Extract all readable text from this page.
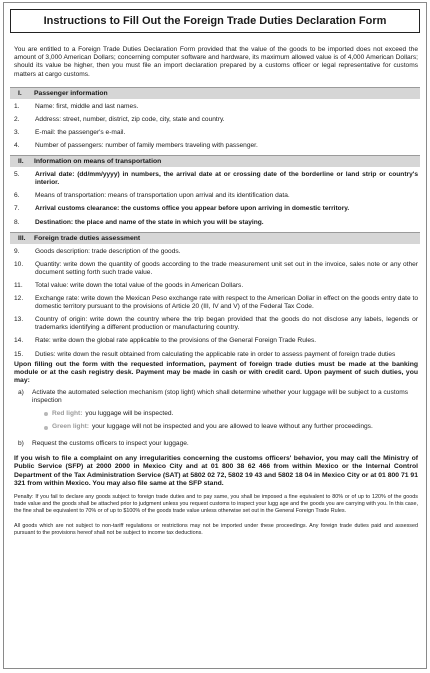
Instructions to Fill Out the Foreign Trade Duties Declaration Form
You are entitled to a Foreign Trade Duties Declaration Form provided that the value of the goods to be imported does not exceed the amount of 3,000 American Dollars; concerning computer software and hardware, its maximum allowed value is of 4,000 American Dollars; should its value be higher, then you must file an import declaration prepared by a customs officer or legal representative for customs matters at cargo customs.
I.	Passenger information
1.	Name: first, middle and last names.
2.	Address: street, number, district, zip code, city, state and country.
3.	E-mail: the passenger's e-mail.
4.	Number of passengers: number of family members traveling with passenger.
II.	Information on means of transportation
5.	Arrival date: (dd/mm/yyyy) in numbers, the arrival date at or crossing date of the borderline or land strip or country's interior.
6.	Means of transportation: means of transportation upon arrival and its identification data.
7.	Arrival customs clearance: the customs office you appear before upon arriving in domestic territory.
8.	Destination: the place and name of the state in which you will be staying.
III.	Foreign trade duties assessment
9.	Goods description: trade description of the goods.
10.	Quantity: write down the quantity of goods according to the trade measurement unit set out in the invoice, sales note or any other document setting forth such trade value.
11.	Total value: write down the total value of the goods in American Dollars.
12.	Exchange rate: write down the Mexican Peso exchange rate with respect to the American Dollar in effect on the goods entry date to domestic territory pursuant to the provisions of Article 20 (III, IV and V) of the Federal Tax Code.
13.	Country of origin: write down the country where the trip began provided that the goods do not disclose any labels, legends or trademarks identifying a different production or manufacturing country.
14.	Rate: write down the global rate applicable to the provisions of the General Foreign Trade Rules.
15.	Duties: write down the result obtained from calculating the applicable rate in order to assess payment of foreign trade duties
Upon filling out the form with the requested information, payment of foreign trade duties must be made at the banking module or at the cash registry desk. Payment may be made in cash or with credit card. Upon payment of such duties, you may:
a)	Activate the automated selection mechanism (stop light) which shall determine whether your luggage will be subject to a customs inspection
Red light: you luggage will be inspected.
Green light: your luggage will not be inspected and you are allowed to leave without any further proceedings.
b)	Request the customs officers to inspect your luggage.
If you wish to file a complaint on any irregularities concerning the customs officers' behavior, you may call the Ministry of Public Service (SFP) at 2000 2000 in Mexico City and at 01 800 38 62 466 from within Mexico or the Internal Control Department of the Tax Administration Service (SAT) at 5802 02 72, 5802 19 43 and 5802 18 04 in Mexico City or at 01 800 71 91 321 from within Mexico. You may also file same at the SFP stand.
Penalty: If you fail to declare any goods subject to foreign trade duties and to pay same, you shall be imposed a fine equivalent to 80% or of up to 120% of the goods trade value and the goods shall be attached prior to judgment unless you request customs to inspect your lugg age and the goods you are carrying with you. In this case, the fine shall be equivalent to 70% or of up to $100% of the goods trade value unless otherwise set out in the General Foreign Trade Rules.
All goods which are not subject to non-tariff regulations or restrictions may not be imported under these proceedings. Any foreign trade duties paid and assessed pursuant to the provisions hereof shall not be subject to income tax deductions.
